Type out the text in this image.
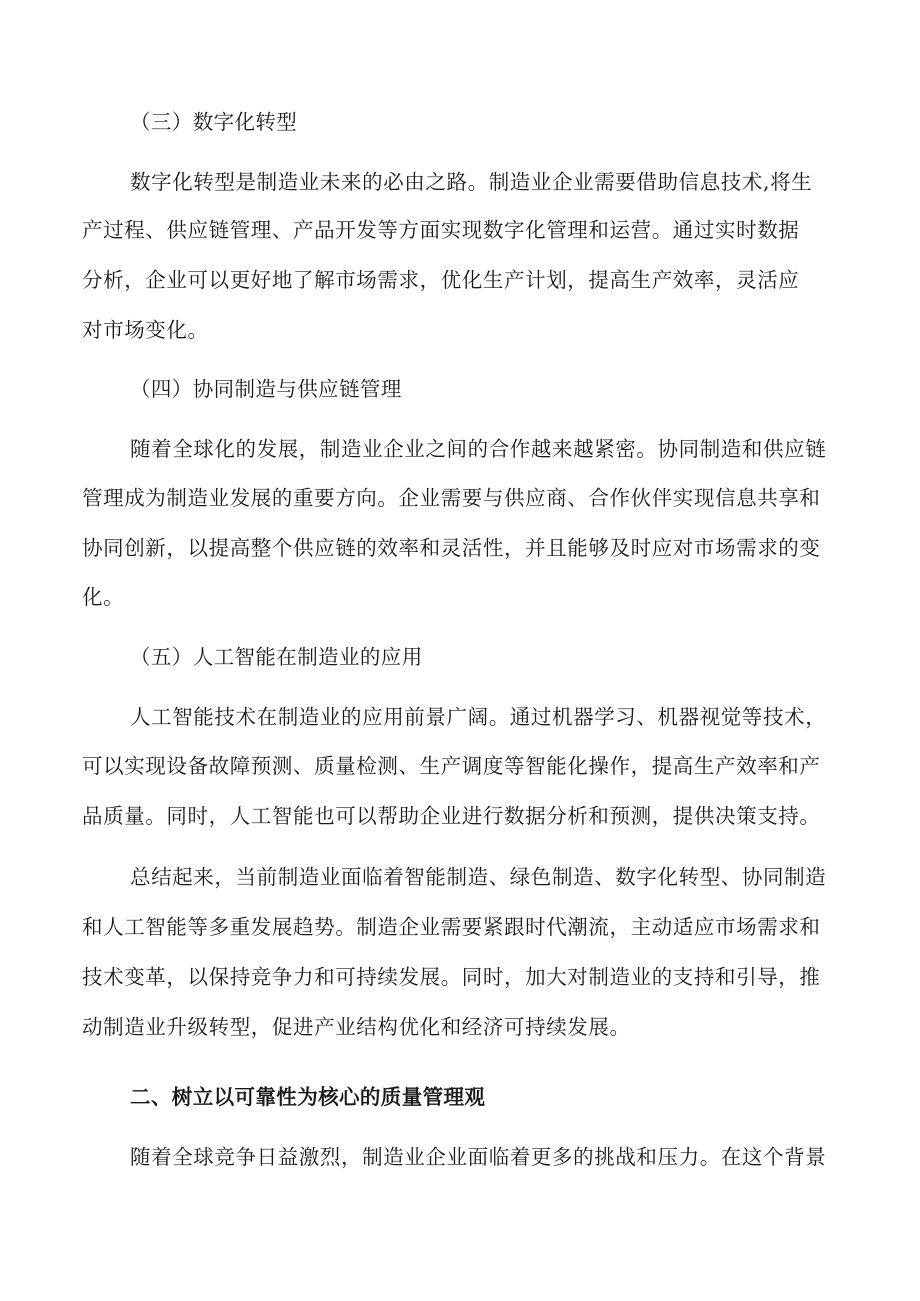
（三）数字化转型
数字化转型是制造业未来的必由之路。制造业企业需要借助信息技术,将生
产过程、供应链管理、产品开发等方面实现数字化管理和运营。通过实时数据
分析，企业可以更好地了解市场需求，优化生产计划，提高生产效率，灵活应
对市场变化。
（四）协同制造与供应链管理
随着全球化的发展，制造业企业之间的合作越来越紧密。协同制造和供应链
管理成为制造业发展的重要方向。企业需要与供应商、合作伙伴实现信息共享和
协同创新，以提高整个供应链的效率和灵活性，并且能够及时应对市场需求的变
化。
（五）人工智能在制造业的应用
人工智能技术在制造业的应用前景广阔。通过机器学习、机器视觉等技术，
可以实现设备故障预测、质量检测、生产调度等智能化操作，提高生产效率和产
品质量。同时，人工智能也可以帮助企业进行数据分析和预测，提供决策支持。
总结起来，当前制造业面临着智能制造、绿色制造、数字化转型、协同制造
和人工智能等多重发展趋势。制造企业需要紧跟时代潮流，主动适应市场需求和
技术变革，以保持竞争力和可持续发展。同时，加大对制造业的支持和引导，推
动制造业升级转型，促进产业结构优化和经济可持续发展。
二、树立以可靠性为核心的质量管理观
随着全球竞争日益激烈，制造业企业面临着更多的挑战和压力。在这个背景
